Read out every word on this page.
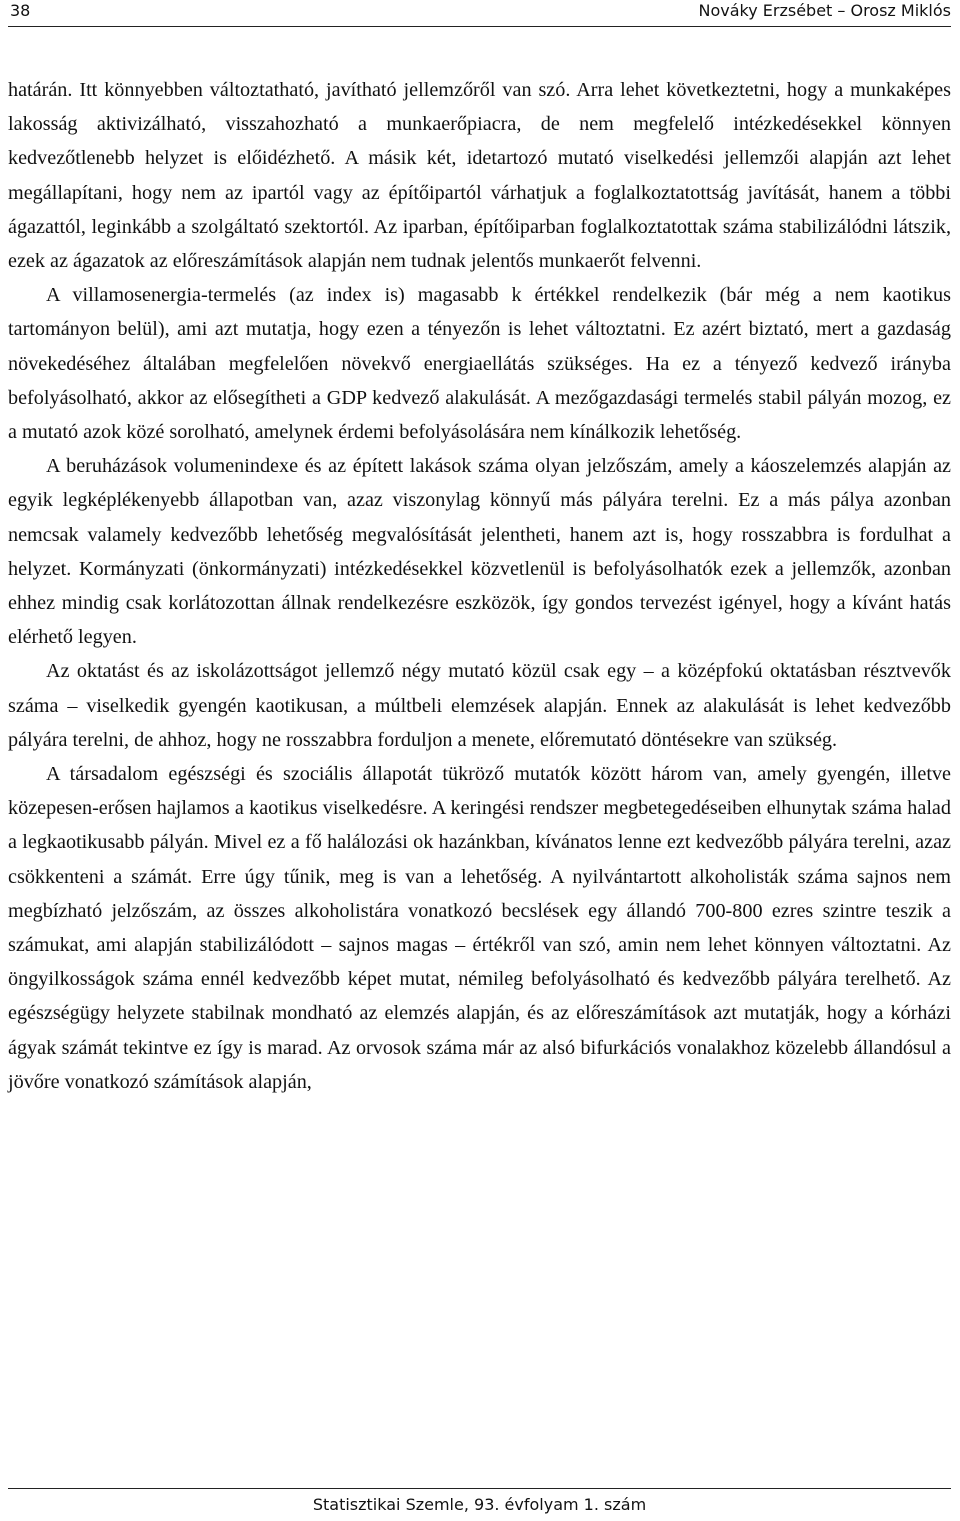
38	Nováky Erzsébet – Orosz Miklós

határán. Itt könnyebben változtatható, javítható jellemzőről van szó. Arra lehet következtetni, hogy a munkaképes lakosság aktivizálható, visszahozható a munkaerőpiacra, de nem megfelelő intézkedésekkel könnyen kedvezőtlenebb helyzet is előidézhető. A másik két, idetartozó mutató viselkedési jellemzői alapján azt lehet megállapítani, hogy nem az ipartól vagy az építőipartól várhatjuk a foglalkoztatottság javítását, hanem a többi ágazattól, leginkább a szolgáltató szektortól. Az iparban, építőiparban foglalkoztatottak száma stabilizálódni látszik, ezek az ágazatok az előreszámítások alapján nem tudnak jelentős munkaerőt felvenni.

A villamosenergia-termelés (az index is) magasabb k értékkel rendelkezik (bár még a nem kaotikus tartományon belül), ami azt mutatja, hogy ezen a tényezőn is lehet változtatni. Ez azért biztató, mert a gazdaság növekedéséhez általában megfelelően növekvő energiaellátás szükséges. Ha ez a tényező kedvező irányba befolyásolható, akkor az elősegítheti a GDP kedvező alakulását. A mezőgazdasági termelés stabil pályán mozog, ez a mutató azok közé sorolható, amelynek érdemi befolyásolására nem kínálkozik lehetőség.

A beruházások volumenindexe és az épített lakások száma olyan jelzőszám, amely a káoszelemzés alapján az egyik legképlékenyebb állapotban van, azaz viszonylag könnyű más pályára terelni. Ez a más pálya azonban nemcsak valamely kedvezőbb lehetőség megvalósítását jelentheti, hanem azt is, hogy rosszabbra is fordulhat a helyzet. Kormányzati (önkormányzati) intézkedésekkel közvetlenül is befolyásolhatók ezek a jellemzők, azonban ehhez mindig csak korlátozottan állnak rendelkezésre eszközök, így gondos tervezést igényel, hogy a kívánt hatás elérhető legyen.

Az oktatást és az iskolázottságot jellemző négy mutató közül csak egy – a középfokú oktatásban résztvevők száma – viselkedik gyengén kaotikusan, a múltbeli elemzések alapján. Ennek az alakulását is lehet kedvezőbb pályára terelni, de ahhoz, hogy ne rosszabbra forduljon a menete, előremutató döntésekre van szükség.

A társadalom egészségi és szociális állapotát tükröző mutatók között három van, amely gyengén, illetve közepesen-erősen hajlamos a kaotikus viselkedésre. A keringési rendszer megbetegedéseiben elhunytak száma halad a legkaotikusabb pályán. Mivel ez a fő halálozási ok hazánkban, kívánatos lenne ezt kedvezőbb pályára terelni, azaz csökkenteni a számát. Erre úgy tűnik, meg is van a lehetőség. A nyilvántartott alkoholisták száma sajnos nem megbízható jelzőszám, az összes alkoholistára vonatkozó becslések egy állandó 700-800 ezres szintre teszik a számukat, ami alapján stabilizálódott – sajnos magas – értékről van szó, amin nem lehet könnyen változtatni. Az öngyilkosságok száma ennél kedvezőbb képet mutat, némileg befolyásolható és kedvezőbb pályára terelhető. Az egészségügy helyzete stabilnak mondható az elemzés alapján, és az előreszámítások azt mutatják, hogy a kórházi ágyak számát tekintve ez így is marad. Az orvosok száma már az alsó bifurkációs vonalakhoz közelebb állandósul a jövőre vonatkozó számítások alapján,

Statisztikai Szemle, 93. évfolyam 1. szám
